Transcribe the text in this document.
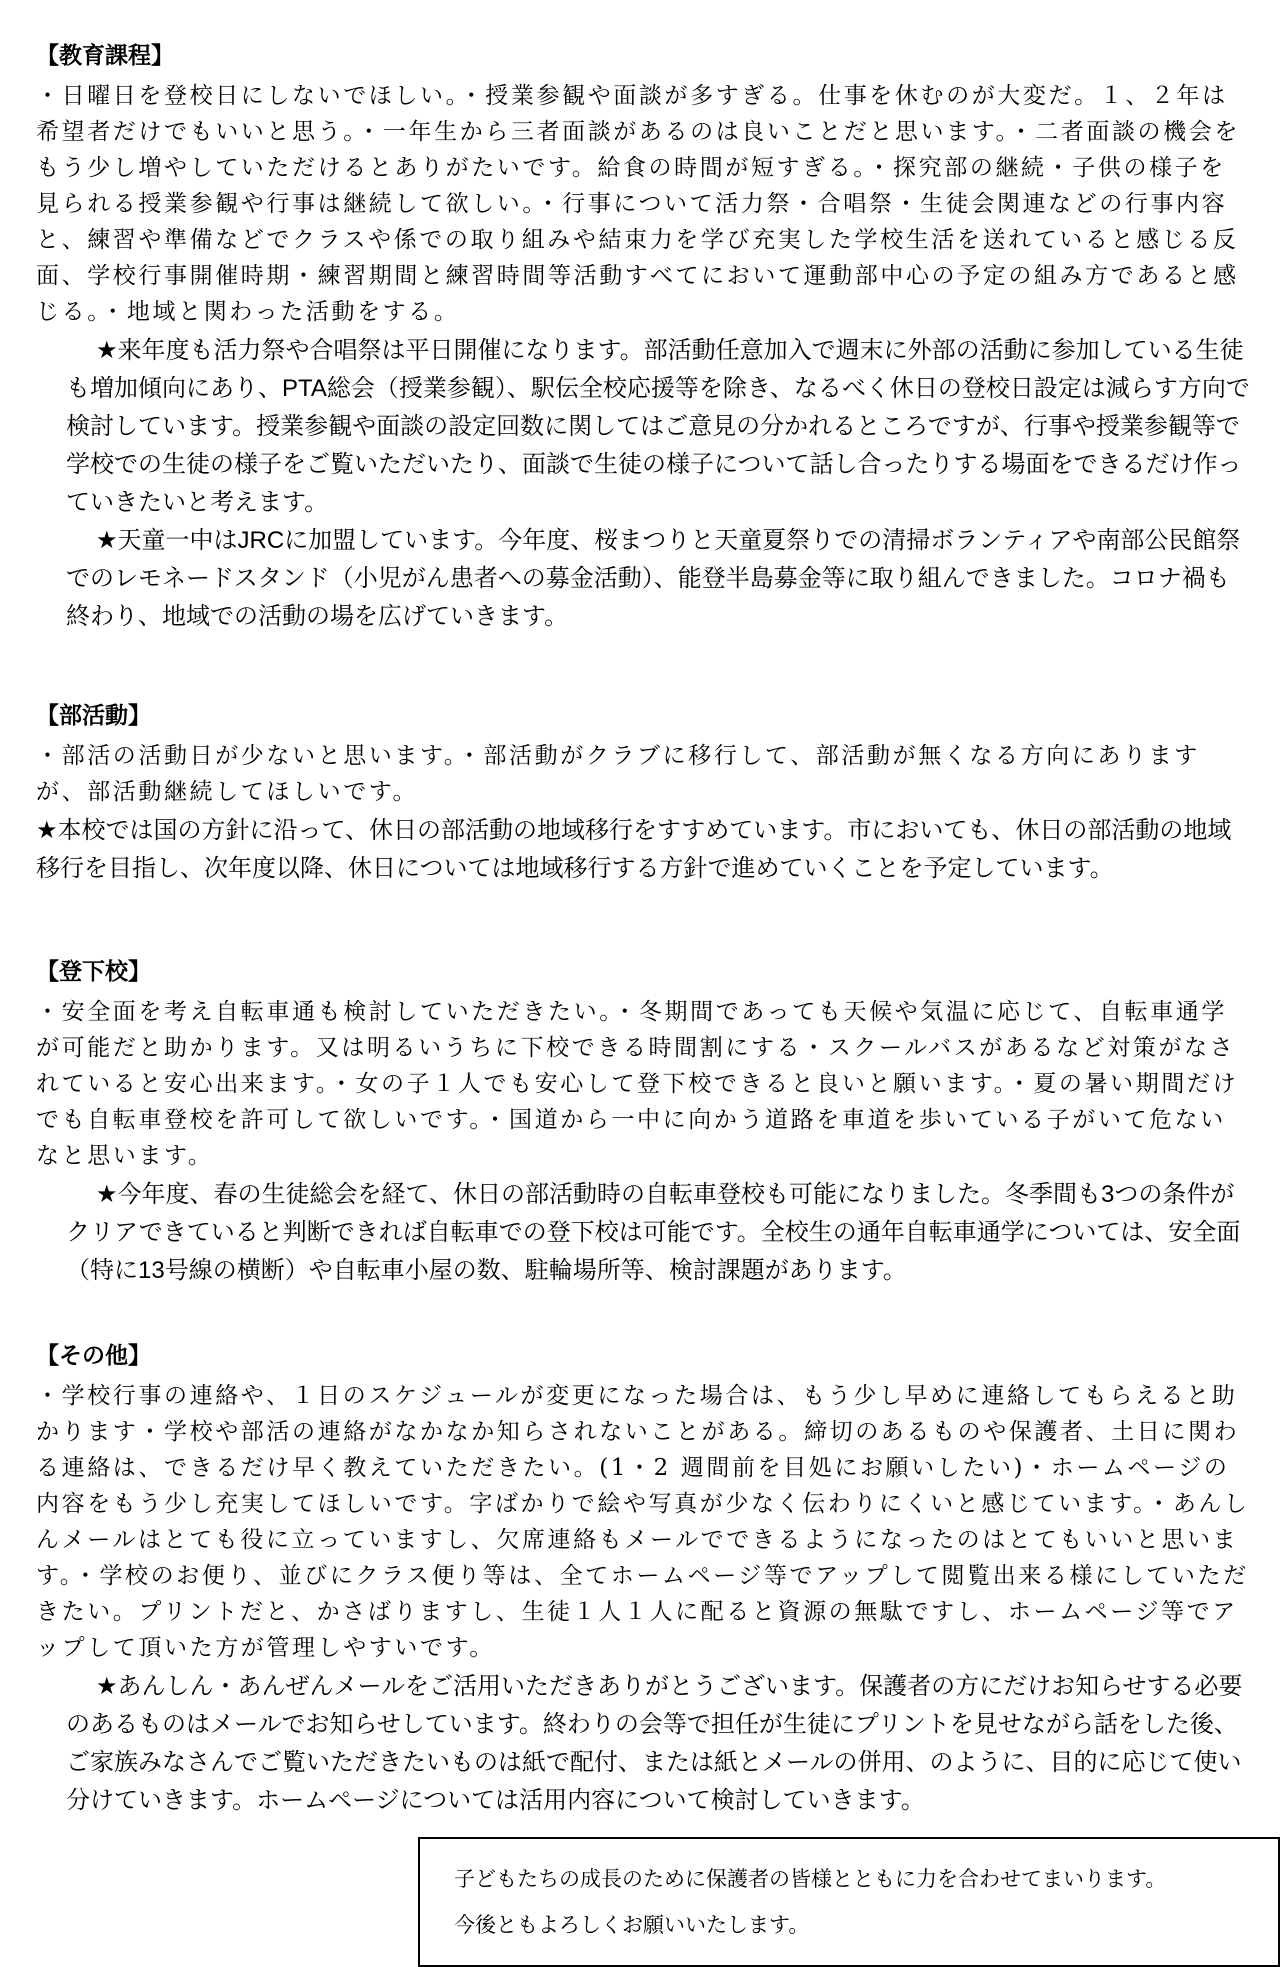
【教育課程】

・日曜日を登校日にしないでほしい。・授業参観や面談が多すぎる。仕事を休むのが大変だ。１、２年は希望者だけでもいいと思う。・一年生から三者面談があるのは良いことだと思います。・二者面談の機会をもう少し増やしていただけるとありがたいです。給食の時間が短すぎる。・探究部の継続・子供の様子を見られる授業参観や行事は継続して欲しい。・行事について活力祭・合唱祭・生徒会関連などの行事内容と、練習や準備などでクラスや係での取り組みや結束力を学び充実した学校生活を送れていると感じる反面、学校行事開催時期・練習期間と練習時間等活動すべてにおいて運動部中心の予定の組み方であると感じる。・地域と関わった活動をする。

★来年度も活力祭や合唱祭は平日開催になります。部活動任意加入で週末に外部の活動に参加している生徒も増加傾向にあり、PTA総会（授業参観）、駅伝全校応援等を除き、なるべく休日の登校日設定は減らす方向で検討しています。授業参観や面談の設定回数に関してはご意見の分かれるところですが、行事や授業参観等で学校での生徒の様子をご覧いただいたり、面談で生徒の様子について話し合ったりする場面をできるだけ作っていきたいと考えます。

★天童一中はJRCに加盟しています。今年度、桜まつりと天童夏祭りでの清掃ボランティアや南部公民館祭でのレモネードスタンド（小児がん患者への募金活動）、能登半島募金等に取り組んできました。コロナ禍も終わり、地域での活動の場を広げていきます。

【部活動】

・部活の活動日が少ないと思います。・部活動がクラブに移行して、部活動が無くなる方向にありますが、部活動継続してほしいです。

★本校では国の方針に沿って、休日の部活動の地域移行をすすめています。市においても、休日の部活動の地域移行を目指し、次年度以降、休日については地域移行する方針で進めていくことを予定しています。

【登下校】

・安全面を考え自転車通も検討していただきたい。・冬期間であっても天候や気温に応じて、自転車通学が可能だと助かります。又は明るいうちに下校できる時間割にする・スクールバスがあるなど対策がなされていると安心出来ます。・女の子１人でも安心して登下校できると良いと願います。・夏の暑い期間だけでも自転車登校を許可して欲しいです。・国道から一中に向かう道路を車道を歩いている子がいて危ないなと思います。

★今年度、春の生徒総会を経て、休日の部活動時の自転車登校も可能になりました。冬季間も3つの条件がクリアできていると判断できれば自転車での登下校は可能です。全校生の通年自転車通学については、安全面（特に13号線の横断）や自転車小屋の数、駐輪場所等、検討課題があります。

【その他】

・学校行事の連絡や、１日のスケジュールが変更になった場合は、もう少し早めに連絡してもらえると助かります・学校や部活の連絡がなかなか知らされないことがある。締切のあるものや保護者、土日に関わる連絡は、できるだけ早く教えていただきたい。(1・2 週間前を目処にお願いしたい)・ホームページの内容をもう少し充実してほしいです。字ばかりで絵や写真が少なく伝わりにくいと感じています。・あんしんメールはとても役に立っていますし、欠席連絡もメールでできるようになったのはとてもいいと思います。・学校のお便り、並びにクラス便り等は、全てホームページ等でアップして閲覧出来る様にしていただきたい。プリントだと、かさばりますし、生徒１人１人に配ると資源の無駄ですし、ホームページ等でアップして頂いた方が管理しやすいです。

★あんしん・あんぜんメールをご活用いただきありがとうございます。保護者の方にだけお知らせする必要のあるものはメールでお知らせしています。終わりの会等で担任が生徒にプリントを見せながら話をした後、ご家族みなさんでご覧いただきたいものは紙で配付、または紙とメールの併用、のように、目的に応じて使い分けていきます。ホームページについては活用内容について検討していきます。

子どもたちの成長のために保護者の皆様とともに力を合わせてまいります。

今後ともよろしくお願いいたします。
